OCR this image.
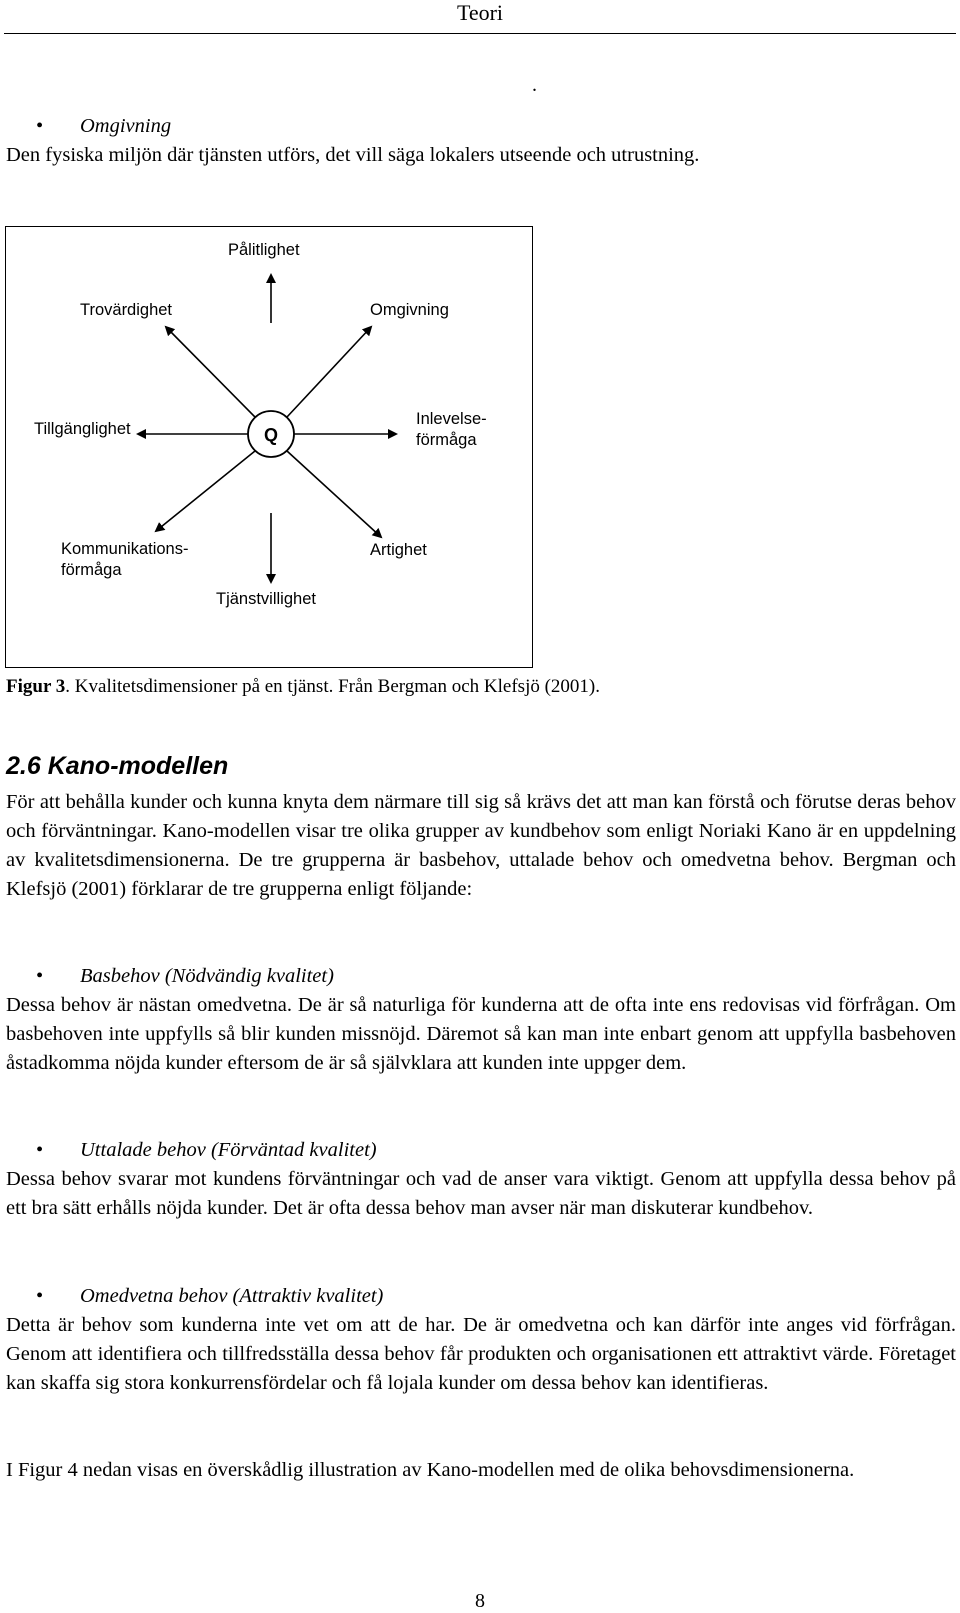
Teori
.
• Omgivning
Den fysiska miljön där tjänsten utförs, det vill säga lokalers utseende och utrustning.
Q
Pålitlighet
Trovärdighet	Omgivning
Tillgänglighet
Inlevelse-
förmåga
Kommunikations-
förmåga
Artighet
Tjänstvillighet
Figur 3. Kvalitetsdimensioner på en tjänst. Från Bergman och Klefsjö (2001).
2.6 Kano-modellen
För att behålla kunder och kunna knyta dem närmare till sig så krävs det att man kan förstå och förutse deras behov och förväntningar. Kano-modellen visar tre olika grupper av kundbehov som enligt Noriaki Kano är en uppdelning av kvalitetsdimensionerna. De tre grupperna är basbehov, uttalade behov och omedvetna behov. Bergman och Klefsjö (2001) förklarar de tre grupperna enligt följande:
• Basbehov (Nödvändig kvalitet)
Dessa behov är nästan omedvetna. De är så naturliga för kunderna att de ofta inte ens redovisas vid förfrågan. Om basbehoven inte uppfylls så blir kunden missnöjd. Däremot så kan man inte enbart genom att uppfylla basbehoven åstadkomma nöjda kunder eftersom de är så självklara att kunden inte uppger dem.
• Uttalade behov (Förväntad kvalitet)
Dessa behov svarar mot kundens förväntningar och vad de anser vara viktigt. Genom att uppfylla dessa behov på ett bra sätt erhålls nöjda kunder. Det är ofta dessa behov man avser när man diskuterar kundbehov.
• Omedvetna behov (Attraktiv kvalitet)
Detta är behov som kunderna inte vet om att de har. De är omedvetna och kan därför inte anges vid förfrågan. Genom att identifiera och tillfredsställa dessa behov får produkten och organisationen ett attraktivt värde. Företaget kan skaffa sig stora konkurrensfördelar och få lojala kunder om dessa behov kan identifieras.
I Figur 4 nedan visas en överskådlig illustration av Kano-modellen med de olika behovsdimensionerna.
8
